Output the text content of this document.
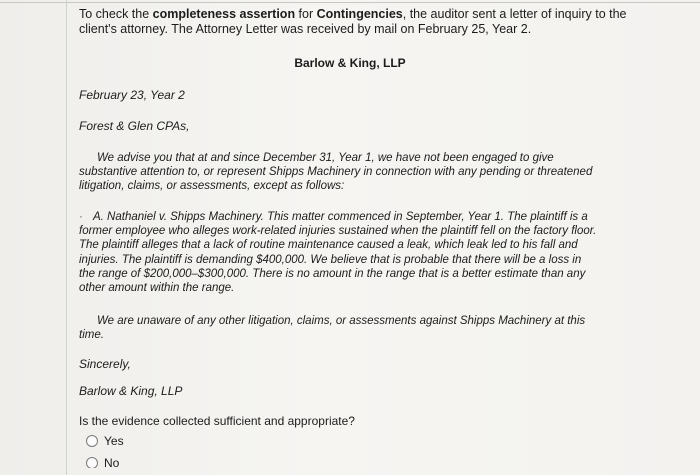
To check the completeness assertion for Contingencies, the auditor sent a letter of inquiry to the client's attorney. The Attorney Letter was received by mail on February 25, Year 2.
Barlow & King, LLP
February 23, Year 2
Forest & Glen CPAs,
We advise you that at and since December 31, Year 1, we have not been engaged to give substantive attention to, or represent Shipps Machinery in connection with any pending or threatened litigation, claims, or assessments, except as follows:
· A. Nathaniel v. Shipps Machinery. This matter commenced in September, Year 1. The plaintiff is a former employee who alleges work-related injuries sustained when the plaintiff fell on the factory floor. The plaintiff alleges that a lack of routine maintenance caused a leak, which leak led to his fall and injuries. The plaintiff is demanding $400,000. We believe that is probable that there will be a loss in the range of $200,000–$300,000. There is no amount in the range that is a better estimate than any other amount within the range.
We are unaware of any other litigation, claims, or assessments against Shipps Machinery at this time.
Sincerely,
Barlow & King, LLP
Is the evidence collected sufficient and appropriate?
Yes
No
